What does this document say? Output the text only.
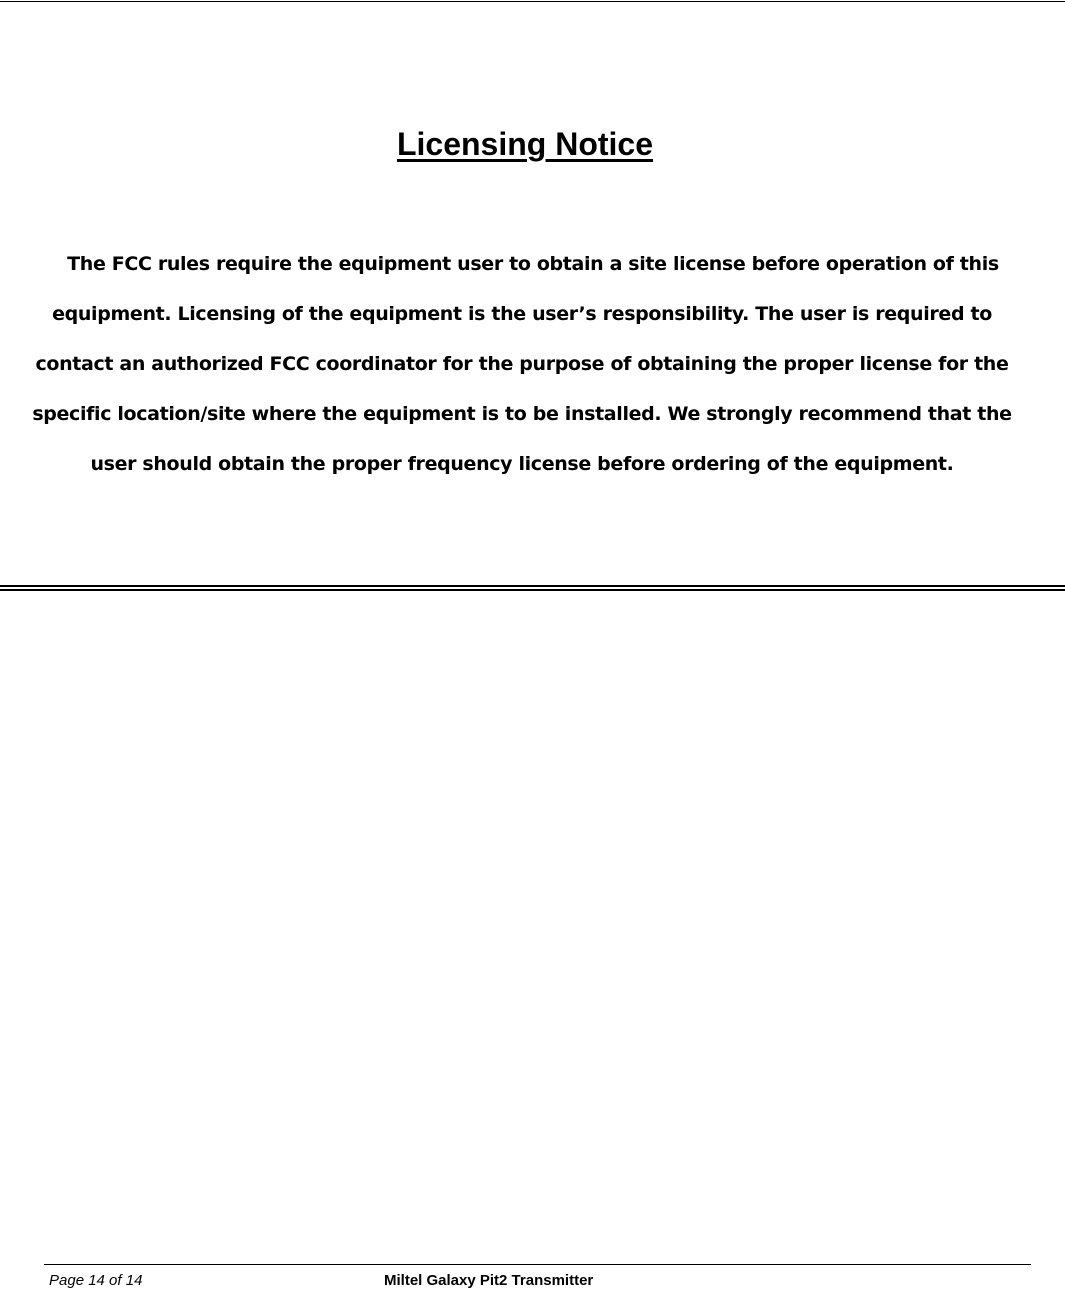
Licensing Notice
The FCC rules require the equipment user to obtain a site license before operation of this
equipment. Licensing of the equipment is the user’s responsibility. The user is required to
contact an authorized FCC coordinator for the purpose of obtaining the proper license for the
specific location/site where the equipment is to be installed. We strongly recommend that the
user should obtain the proper frequency license before ordering of the equipment.
Page 14 of 14	Miltel Galaxy Pit2 Transmitter
